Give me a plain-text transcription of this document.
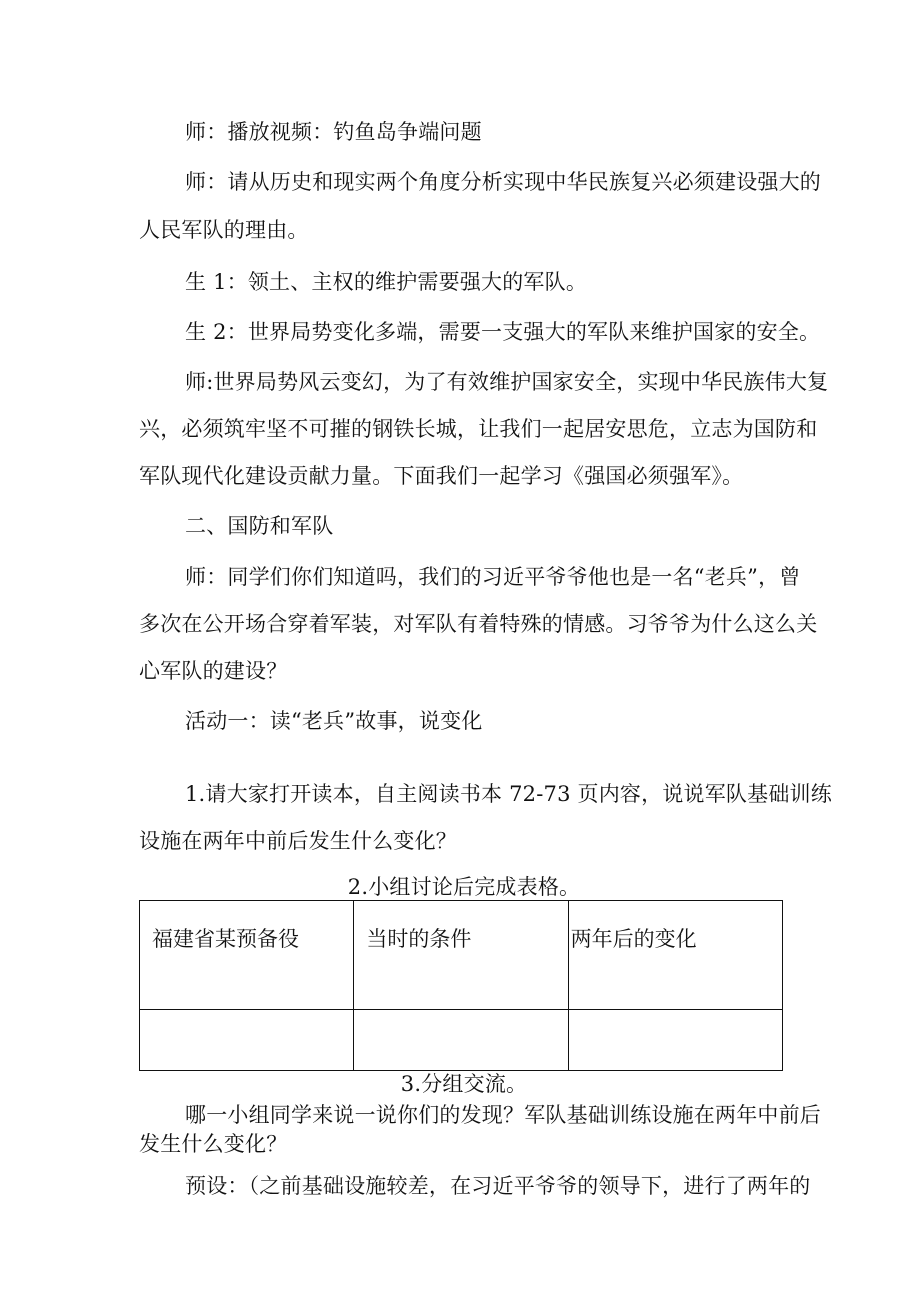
师：播放视频：钓鱼岛争端问题
师：请从历史和现实两个角度分析实现中华民族复兴必须建设强大的
人民军队的理由。
生 1：领土、主权的维护需要强大的军队。
生 2：世界局势变化多端，需要一支强大的军队来维护国家的安全。
师:世界局势风云变幻，为了有效维护国家安全，实现中华民族伟大复
兴，必须筑牢坚不可摧的钢铁长城，让我们一起居安思危，立志为国防和
军队现代化建设贡献力量。下面我们一起学习《强国必须强军》。
二、国防和军队
师：同学们你们知道吗，我们的习近平爷爷他也是一名“老兵”，曾
多次在公开场合穿着军装，对军队有着特殊的情感。习爷爷为什么这么关
心军队的建设？
活动一：读“老兵”故事，说变化
1.请大家打开读本，自主阅读书本 72-73 页内容，说说军队基础训练
设施在两年中前后发生什么变化？
2.小组讨论后完成表格。
福建省某预备役	当时的条件	两年后的变化

3.分组交流。
哪一小组同学来说一说你们的发现？军队基础训练设施在两年中前后
发生什么变化？
预设：（之前基础设施较差，在习近平爷爷的领导下，进行了两年的
